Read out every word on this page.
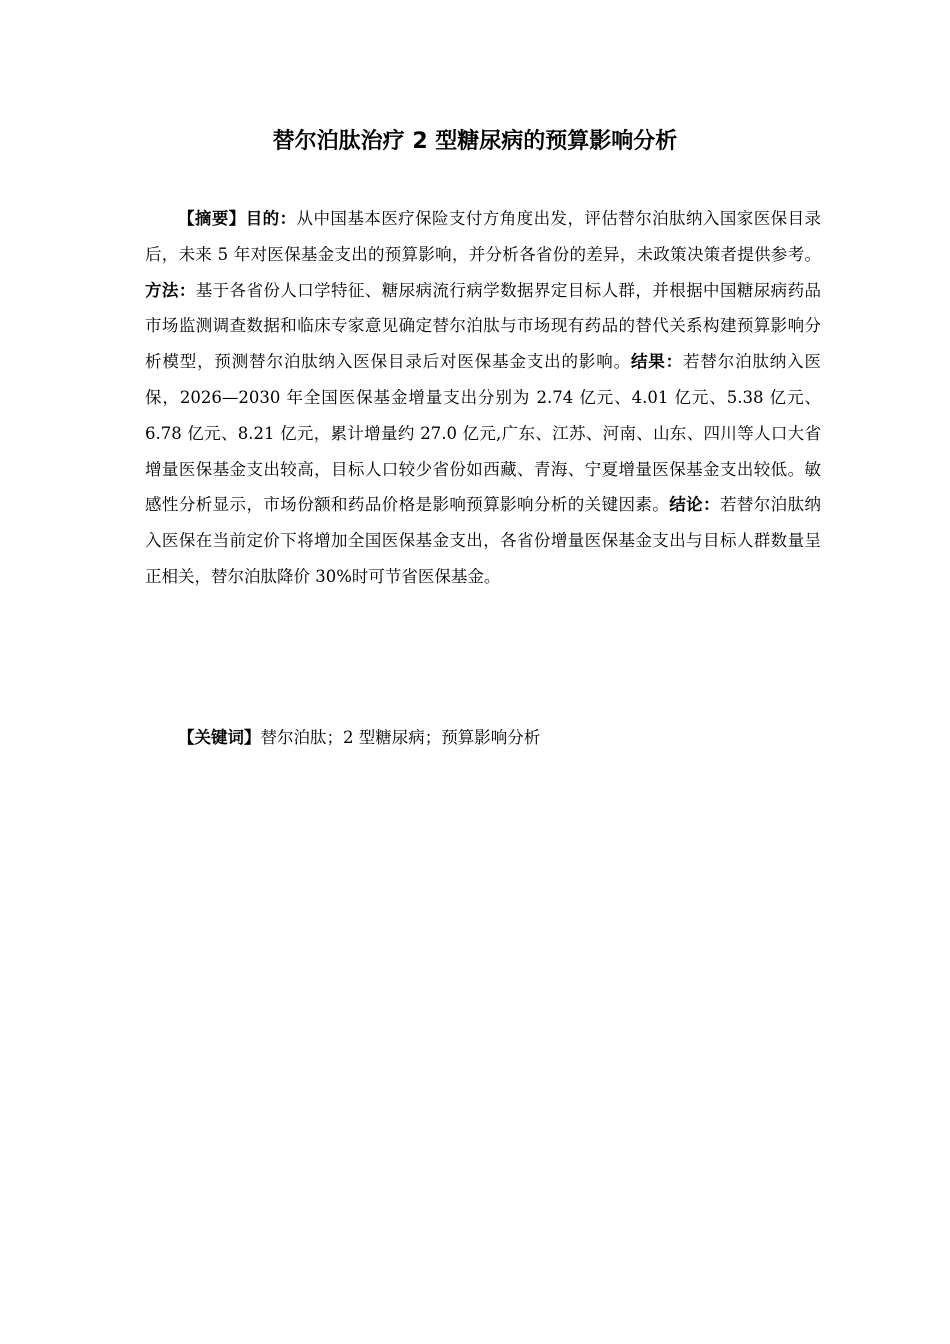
替尔泊肽治疗 2 型糖尿病的预算影响分析

【摘要】目的：从中国基本医疗保险支付方角度出发，评估替尔泊肽纳入国家医保目录后，未来 5 年对医保基金支出的预算影响，并分析各省份的差异，未政策决策者提供参考。方法：基于各省份人口学特征、糖尿病流行病学数据界定目标人群，并根据中国糖尿病药品市场监测调查数据和临床专家意见确定替尔泊肽与市场现有药品的替代关系构建预算影响分析模型，预测替尔泊肽纳入医保目录后对医保基金支出的影响。结果：若替尔泊肽纳入医保，2026—2030 年全国医保基金增量支出分别为 2.74 亿元、4.01 亿元、5.38 亿元、6.78 亿元、8.21 亿元，累计增量约 27.0 亿元,广东、江苏、河南、山东、四川等人口大省增量医保基金支出较高，目标人口较少省份如西藏、青海、宁夏增量医保基金支出较低。敏感性分析显示，市场份额和药品价格是影响预算影响分析的关键因素。结论：若替尔泊肽纳入医保在当前定价下将增加全国医保基金支出，各省份增量医保基金支出与目标人群数量呈正相关，替尔泊肽降价 30%时可节省医保基金。

【关键词】替尔泊肽；2 型糖尿病；预算影响分析
